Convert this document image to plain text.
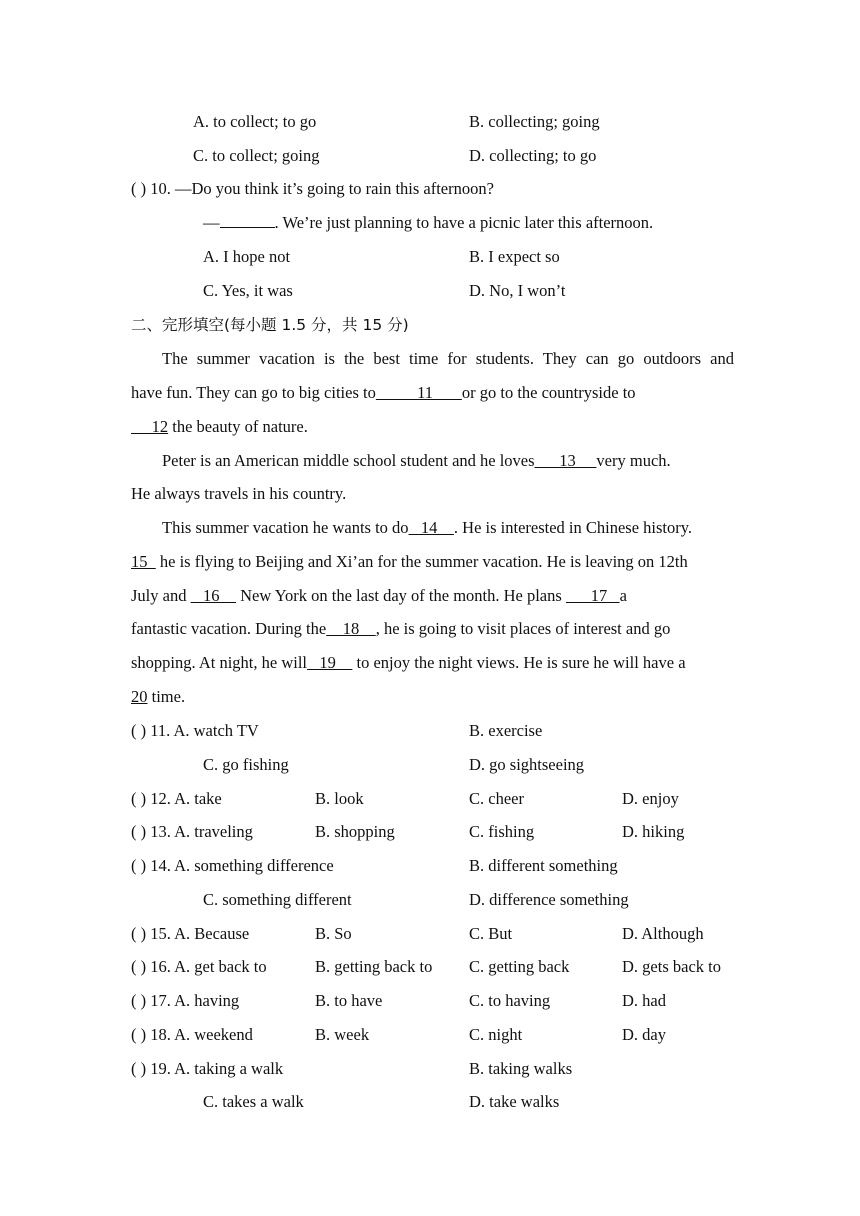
A. to collect; to go	B. collecting; going
C. to collect; going	D. collecting; to go
( ) 10. —Do you think it’s going to rain this afternoon?
—	. We’re just planning to have a picnic later this afternoon.
A. I hope not	B. I expect so
C. Yes, it was	D. No, I won’t
二、完形填空(每小题 1.5 分，共 15 分)
The summer vacation is the best time for students. They can go outdoors and
have fun. They can go to big cities to          11       or go to the countryside to
12 the beauty of nature.
Peter is an American middle school student and he loves      13     very much.
He always travels in his country.
This summer vacation he wants to do   14    . He is interested in Chinese history.
15   he is flying to Beijing and Xi’an for the summer vacation. He is leaving on 12th
July and    16     New York on the last day of the month. He plans       17   a
fantastic vacation. During the    18    , he is going to visit places of interest and go
shopping. At night, he will   19     to enjoy the night views. He is sure he will have a
20 time.
( ) 11. A. watch TV	B. exercise
C. go fishing	D. go sightseeing
( ) 12. A. take	B. look	C. cheer	D. enjoy
( ) 13. A. traveling	B. shopping	C. fishing	D. hiking
( ) 14. A. something difference	B. different something
C. something different	D. difference something
( ) 15. A. Because	B. So	C. But	D. Although
( ) 16. A. get back to	B. getting back to C. getting back	D. gets back to
( ) 17. A. having	B. to have	C. to having	D. had
( ) 18. A. weekend	B. week	C. night	D. day
( ) 19. A. taking a walk	B. taking walks
C. takes a walk	D. take walks
